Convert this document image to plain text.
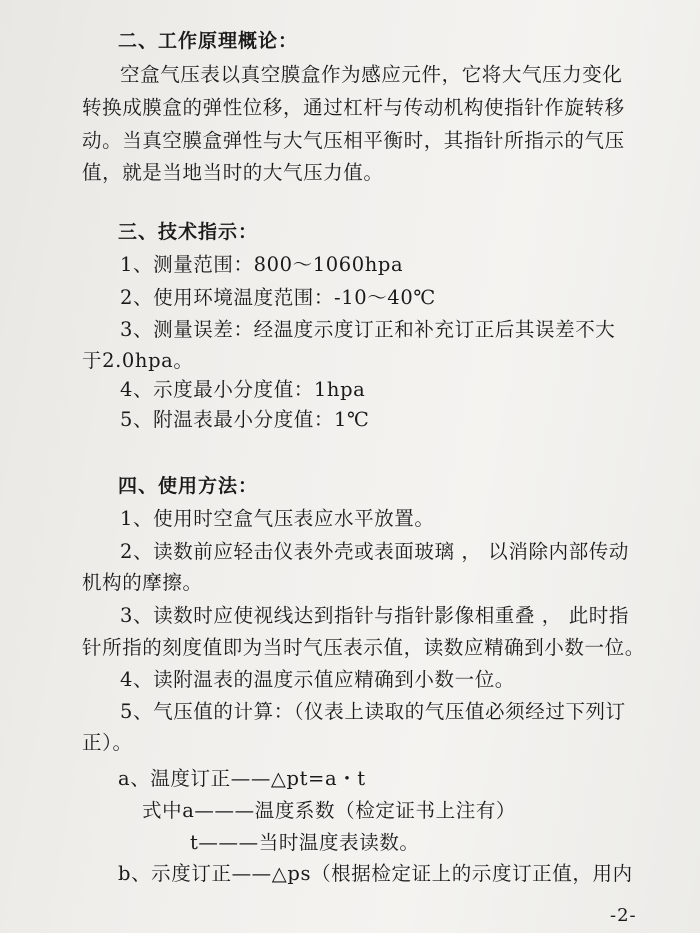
二、工作原理概论：
空盒气压表以真空膜盒作为感应元件，它将大气压力变化
转换成膜盒的弹性位移，通过杠杆与传动机构使指针作旋转移
动。当真空膜盒弹性与大气压相平衡时，其指针所指示的气压
值，就是当地当时的大气压力值。
三、技术指示：
1、测量范围：800～1060hpa
2、使用环境温度范围：-10～40℃
3、测量误差：经温度示度订正和补充订正后其误差不大
于2.0hpa。
4、示度最小分度值：1hpa
5、附温表最小分度值：1℃
四、使用方法：
1、使用时空盒气压表应水平放置。
2、读数前应轻击仪表外壳或表面玻璃 ， 以消除内部传动
机构的摩擦。
3、读数时应使视线达到指针与指针影像相重叠 ， 此时指
针所指的刻度值即为当时气压表示值，读数应精确到小数一位。
4、读附温表的温度示值应精确到小数一位。
5、气压值的计算：（仪表上读取的气压值必须经过下列订
正）。
a、温度订正——△pt=a・t
式中a———温度系数（检定证书上注有）
t———当时温度表读数。
b、示度订正——△ps（根据检定证上的示度订正值，用内
-2-
